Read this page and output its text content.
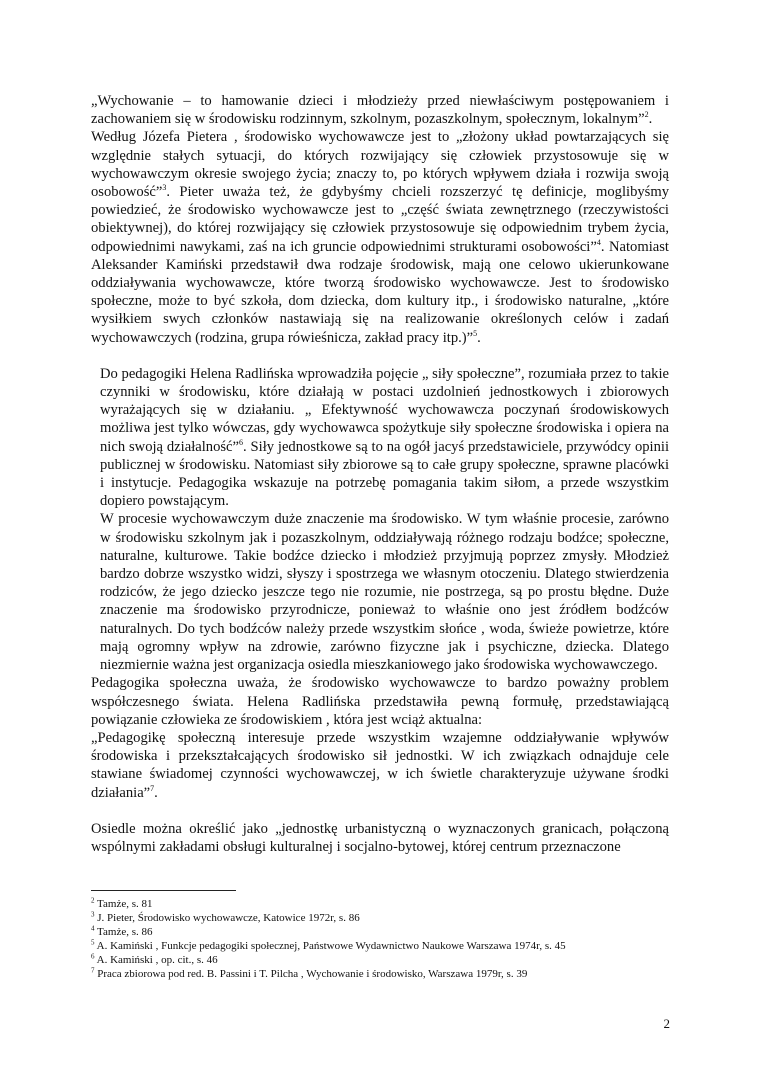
„Wychowanie – to hamowanie dzieci i młodzieży przed niewłaściwym postępowaniem i zachowaniem się w środowisku rodzinnym, szkolnym, pozaszkolnym, społecznym, lokalnym”$^2$.

Według Józefa Pietera , środowisko wychowawcze jest to „złożony układ powtarzających się względnie stałych sytuacji, do których rozwijający się człowiek przystosowuje się w wychowawczym okresie swojego życia; znaczy to, po których wpływem działa i rozwija swoją osobowość”$^3$. Pieter uważa też, że gdybyśmy chcieli rozszerzyć tę definicje, moglibyśmy powiedzieć, że środowisko wychowawcze jest to „część świata zewnętrznego (rzeczywistości obiektywnej), do której rozwijający się człowiek przystosowuje się odpowiednim trybem życia, odpowiednimi nawykami, zaś na ich gruncie odpowiednimi strukturami osobowości”$^4$. Natomiast Aleksander Kamiński przedstawił dwa rodzaje środowisk, mają one celowo ukierunkowane oddziaływania wychowawcze, które tworzą środowisko wychowawcze. Jest to środowisko społeczne, może to być szkoła, dom dziecka, dom kultury itp., i środowisko naturalne, „które wysiłkiem swych członków nastawiają się na realizowanie określonych celów i zadań wychowawczych (rodzina, grupa rówieśnicza, zakład pracy itp.)”$^5$.

Do pedagogiki Helena Radlińska wprowadziła pojęcie „ siły społeczne”, rozumiała przez to takie czynniki w środowisku, które działają w postaci uzdolnień jednostkowych i zbiorowych wyrażających się w działaniu. „ Efektywność wychowawcza poczynań środowiskowych możliwa jest tylko wówczas, gdy wychowawca spożytkuje siły społeczne środowiska i opiera na nich swoją działalność”$^6$. Siły jednostkowe są to na ogół jacyś przedstawiciele, przywódcy opinii publicznej w środowisku. Natomiast siły zbiorowe są to całe grupy społeczne, sprawne placówki i instytucje. Pedagogika wskazuje na potrzebę pomagania takim siłom, a przede wszystkim dopiero powstającym.

W procesie wychowawczym duże znaczenie ma środowisko. W tym właśnie procesie, zarówno w środowisku szkolnym jak i pozaszkolnym, oddziaływają różnego rodzaju bodźce; społeczne, naturalne, kulturowe. Takie bodźce dziecko i młodzież przyjmują poprzez zmysły. Młodzież bardzo dobrze wszystko widzi, słyszy i spostrzega we własnym otoczeniu. Dlatego stwierdzenia rodziców, że jego dziecko jeszcze tego nie rozumie, nie postrzega, są po prostu błędne. Duże znaczenie ma środowisko przyrodnicze, ponieważ to właśnie ono jest źródłem bodźców naturalnych. Do tych bodźców należy przede wszystkim słońce , woda, świeże powietrze, które mają ogromny wpływ na zdrowie, zarówno fizyczne jak i psychiczne, dziecka. Dlatego niezmiernie ważna jest organizacja osiedla mieszkaniowego jako środowiska wychowawczego.

Pedagogika społeczna uważa, że środowisko wychowawcze to bardzo poważny problem współczesnego świata. Helena Radlińska przedstawiła pewną formułę, przedstawiającą powiązanie człowieka ze środowiskiem , która jest wciąż aktualna:

„Pedagogikę społeczną interesuje przede wszystkim wzajemne oddziaływanie wpływów środowiska i przekształcających środowisko sił jednostki. W ich związkach odnajduje cele stawiane świadomej czynności wychowawczej, w ich świetle charakteryzuje używane środki działania”$^7$.

Osiedle można określić jako „jednostkę urbanistyczną o wyznaczonych granicach, połączoną wspólnymi zakładami obsługi kulturalnej i socjalno-bytowej, której centrum przeznaczone

$^2$ Tamże, s. 81

$^3$ J. Pieter, Środowisko wychowawcze, Katowice 1972r, s. 86

$^4$ Tamże, s. 86

$^5$ A. Kamiński , Funkcje pedagogiki społecznej, Państwowe Wydawnictwo Naukowe Warszawa 1974r, s. 45

$^6$ A. Kamiński , op. cit., s. 46

$^7$ Praca zbiorowa pod red. B. Passini i T. Pilcha , Wychowanie i środowisko, Warszawa 1979r, s. 39

2
